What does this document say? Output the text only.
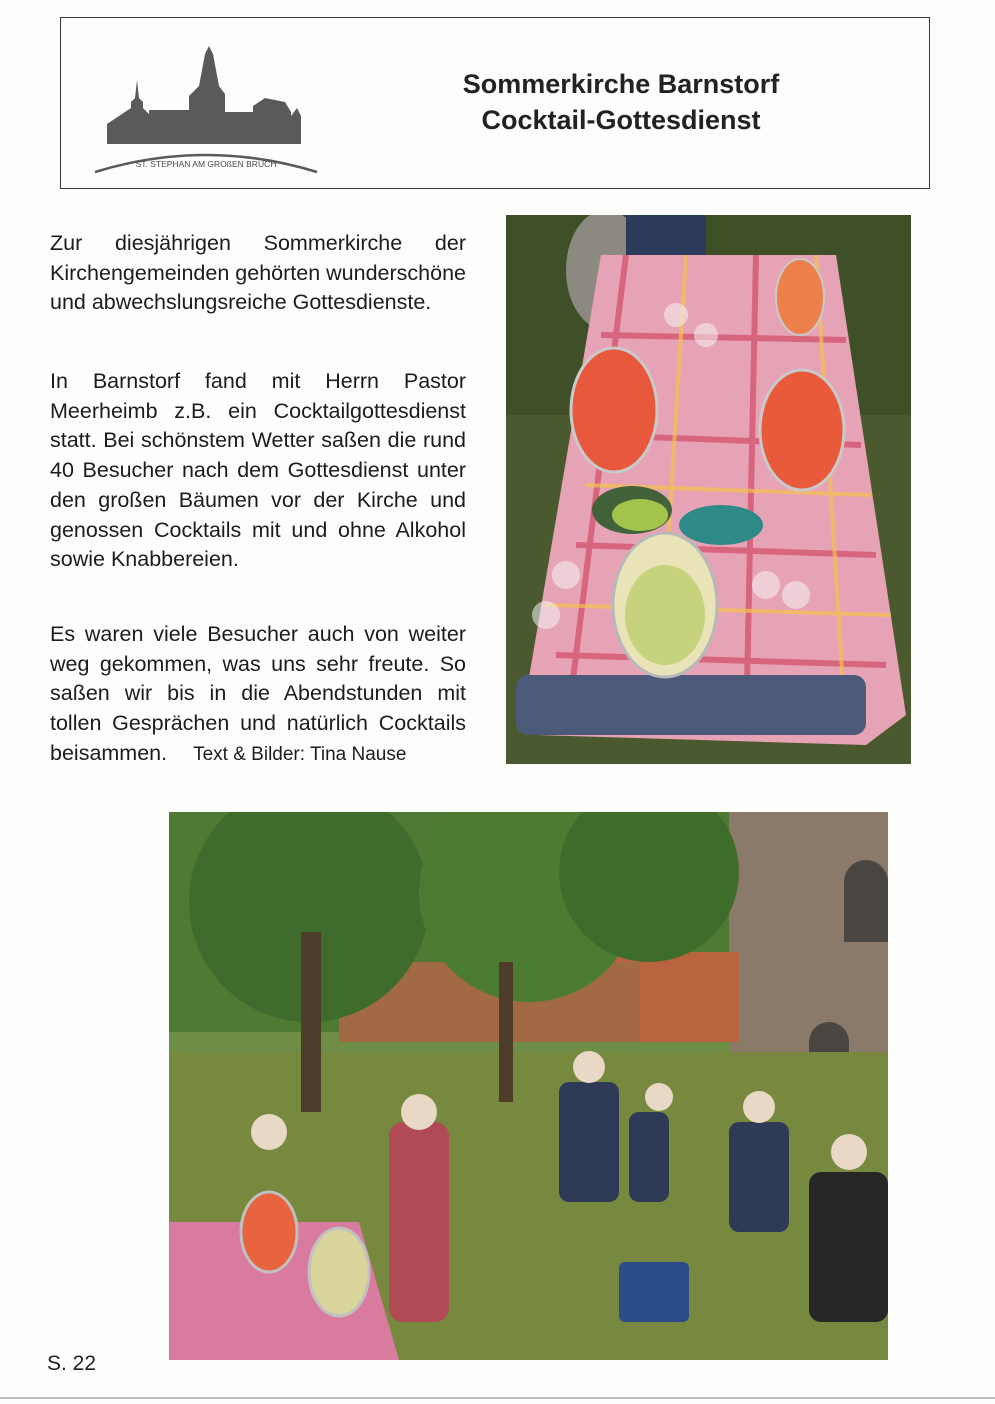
ST. STEPHAN AM GROßEN BRUCH
Sommerkirche Barnstorf
Cocktail-Gottesdienst
Zur diesjährigen Sommerkirche der Kirchengemeinden gehörten wunderschöne und abwechslungsreiche Gottesdienste.
In Barnstorf fand mit Herrn Pastor Meerheimb z.B. ein Cocktailgottesdienst statt. Bei schönstem Wetter saßen die rund 40 Besucher nach dem Gottesdienst unter den großen Bäumen vor der Kirche und genossen Cocktails mit und ohne Alkohol sowie Knabbereien.
Es waren viele Besucher auch von weiter weg gekommen, was uns sehr freute. So saßen wir bis in die Abendstunden mit tollen Gesprächen und natürlich Cocktails beisammen. Text & Bilder: Tina Nause
S. 22
